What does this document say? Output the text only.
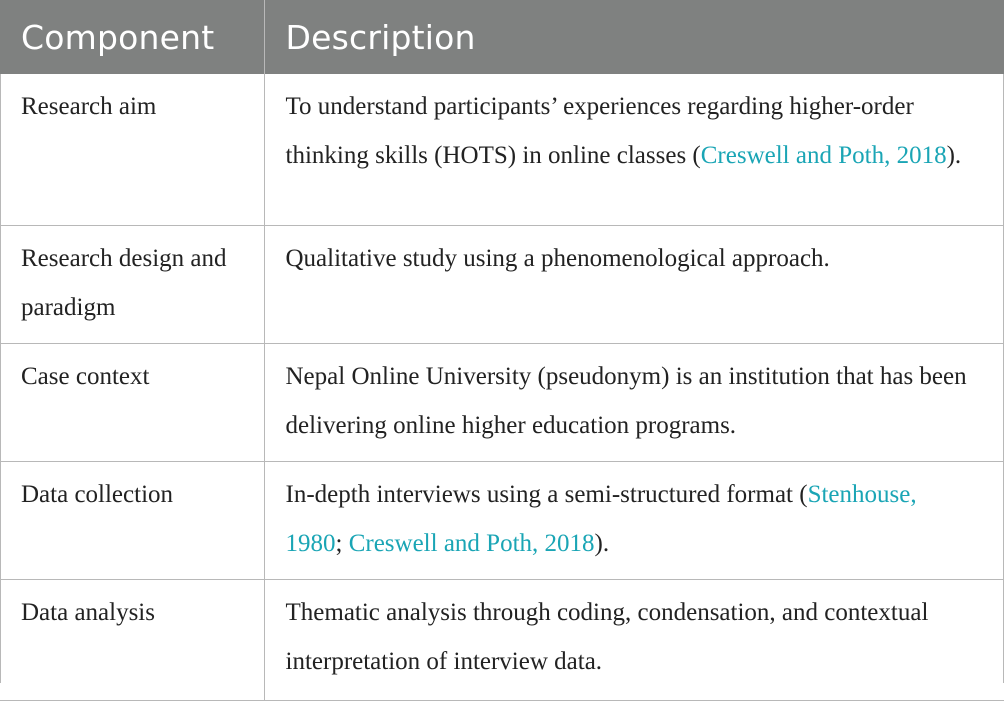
Component	Description
Research aim	To understand participants’ experiences regarding higher-order thinking skills (HOTS) in online classes (Creswell and Poth, 2018).
Research design and paradigm	Qualitative study using a phenomenological approach.
Case context	Nepal Online University (pseudonym) is an institution that has been delivering online higher education programs.
Data collection	In-depth interviews using a semi-structured format (Stenhouse, 1980; Creswell and Poth, 2018).
Data analysis	Thematic analysis through coding, condensation, and contextual interpretation of interview data.
